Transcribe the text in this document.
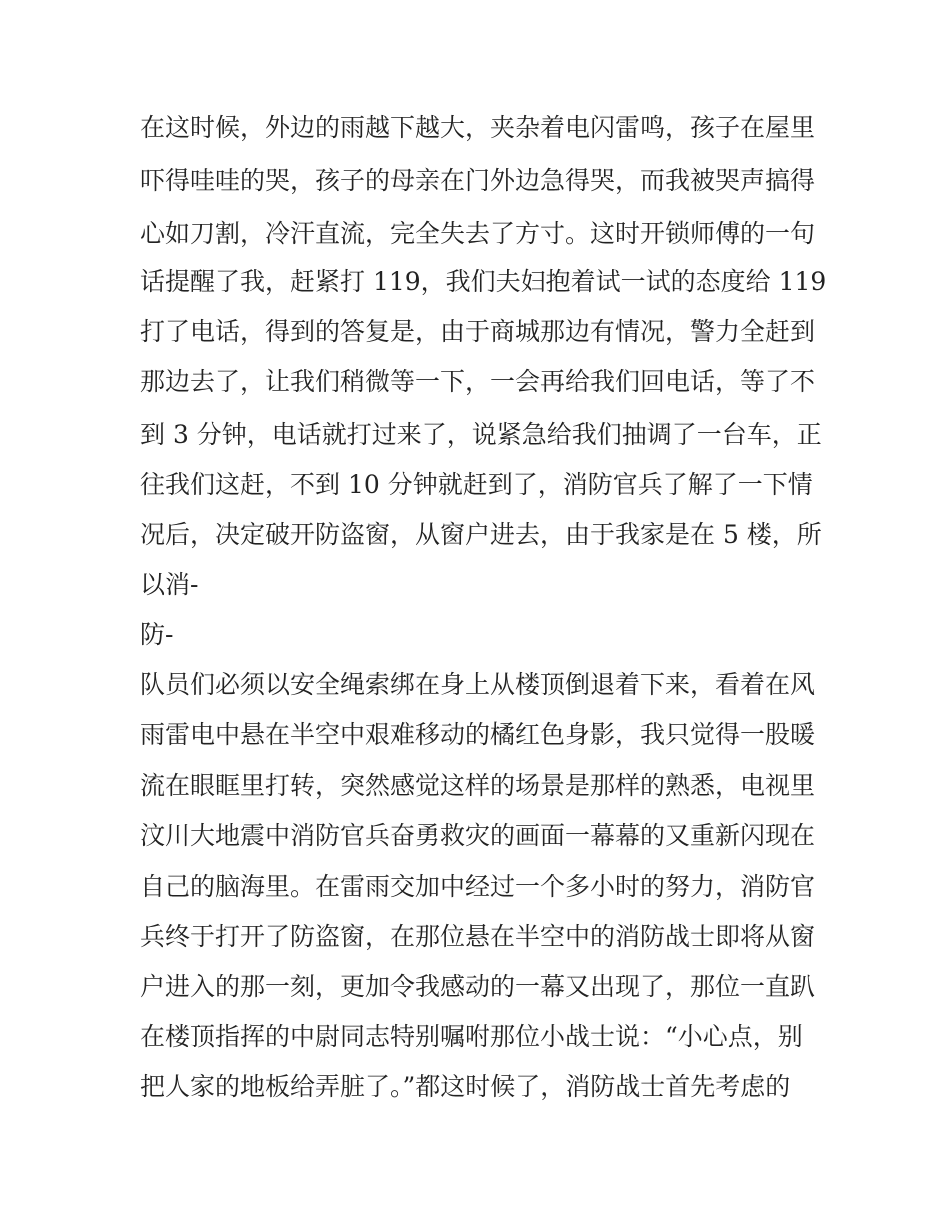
在这时候，外边的雨越下越大，夹杂着电闪雷鸣，孩子在屋里

吓得哇哇的哭，孩子的母亲在门外边急得哭，而我被哭声搞得

心如刀割，冷汗直流，完全失去了方寸。这时开锁师傅的一句

话提醒了我，赶紧打 119，我们夫妇抱着试一试的态度给 119

打了电话，得到的答复是，由于商城那边有情况，警力全赶到

那边去了，让我们稍微等一下，一会再给我们回电话，等了不

到 3 分钟，电话就打过来了，说紧急给我们抽调了一台车，正

往我们这赶，不到 10 分钟就赶到了，消防官兵了解了一下情

况后，决定破开防盗窗，从窗户进去，由于我家是在 5 楼，所

以消-

防-

队员们必须以安全绳索绑在身上从楼顶倒退着下来，看着在风

雨雷电中悬在半空中艰难移动的橘红色身影，我只觉得一股暖

流在眼眶里打转，突然感觉这样的场景是那样的熟悉，电视里

汶川大地震中消防官兵奋勇救灾的画面一幕幕的又重新闪现在

自己的脑海里。在雷雨交加中经过一个多小时的努力，消防官

兵终于打开了防盗窗，在那位悬在半空中的消防战士即将从窗

户进入的那一刻，更加令我感动的一幕又出现了，那位一直趴

在楼顶指挥的中尉同志特别嘱咐那位小战士说：“小心点，别

把人家的地板给弄脏了。”都这时候了，消防战士首先考虑的
